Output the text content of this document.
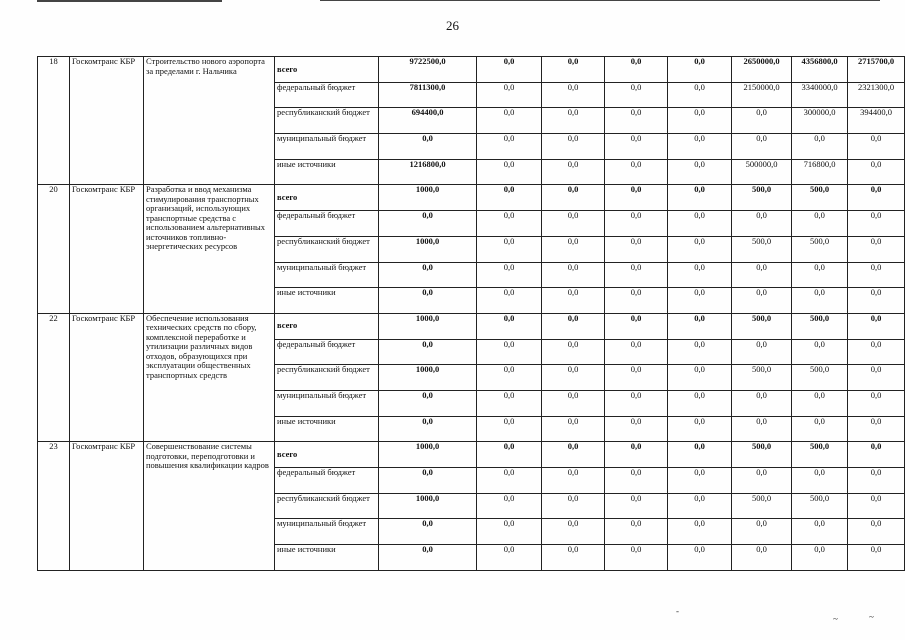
26
18	Госкомтранс КБР	Строительство нового аэропорта за пределами г. Нальчика	всего	9722500,0	0,0	0,0	0,0	0,0	2650000,0	4356800,0	2715700,0
			федеральный бюджет	7811300,0	0,0	0,0	0,0	0,0	2150000,0	3340000,0	2321300,0
			республиканский бюджет	694400,0	0,0	0,0	0,0	0,0	0,0	300000,0	394400,0
			муниципальный бюджет	0,0	0,0	0,0	0,0	0,0	0,0	0,0	0,0
			иные источники	1216800,0	0,0	0,0	0,0	0,0	500000,0	716800,0	0,0
20	Госкомтранс КБР	Разработка и ввод механизма стимулирования транспортных организаций, использующих транспортные средства с использованием альтернативных источников топливно-энергетических ресурсов	всего	1000,0	0,0	0,0	0,0	0,0	500,0	500,0	0,0
			федеральный бюджет	0,0	0,0	0,0	0,0	0,0	0,0	0,0	0,0
			республиканский бюджет	1000,0	0,0	0,0	0,0	0,0	500,0	500,0	0,0
			муниципальный бюджет	0,0	0,0	0,0	0,0	0,0	0,0	0,0	0,0
			иные источники	0,0	0,0	0,0	0,0	0,0	0,0	0,0	0,0
22	Госкомтранс КБР	Обеспечение использования технических средств по сбору, комплексной переработке и утилизации различных видов отходов, образующихся при эксплуатации общественных транспортных средств	всего	1000,0	0,0	0,0	0,0	0,0	500,0	500,0	0,0
			федеральный бюджет	0,0	0,0	0,0	0,0	0,0	0,0	0,0	0,0
			республиканский бюджет	1000,0	0,0	0,0	0,0	0,0	500,0	500,0	0,0
			муниципальный бюджет	0,0	0,0	0,0	0,0	0,0	0,0	0,0	0,0
			иные источники	0,0	0,0	0,0	0,0	0,0	0,0	0,0	0,0
23	Госкомтранс КБР	Совершенствование системы подготовки, переподготовки и повышения квалификации кадров	всего	1000,0	0,0	0,0	0,0	0,0	500,0	500,0	0,0
			федеральный бюджет	0,0	0,0	0,0	0,0	0,0	0,0	0,0	0,0
			республиканский бюджет	1000,0	0,0	0,0	0,0	0,0	500,0	500,0	0,0
			муниципальный бюджет	0,0	0,0	0,0	0,0	0,0	0,0	0,0	0,0
			иные источники	0,0	0,0	0,0	0,0	0,0	0,0	0,0	0,0
-
~	~
